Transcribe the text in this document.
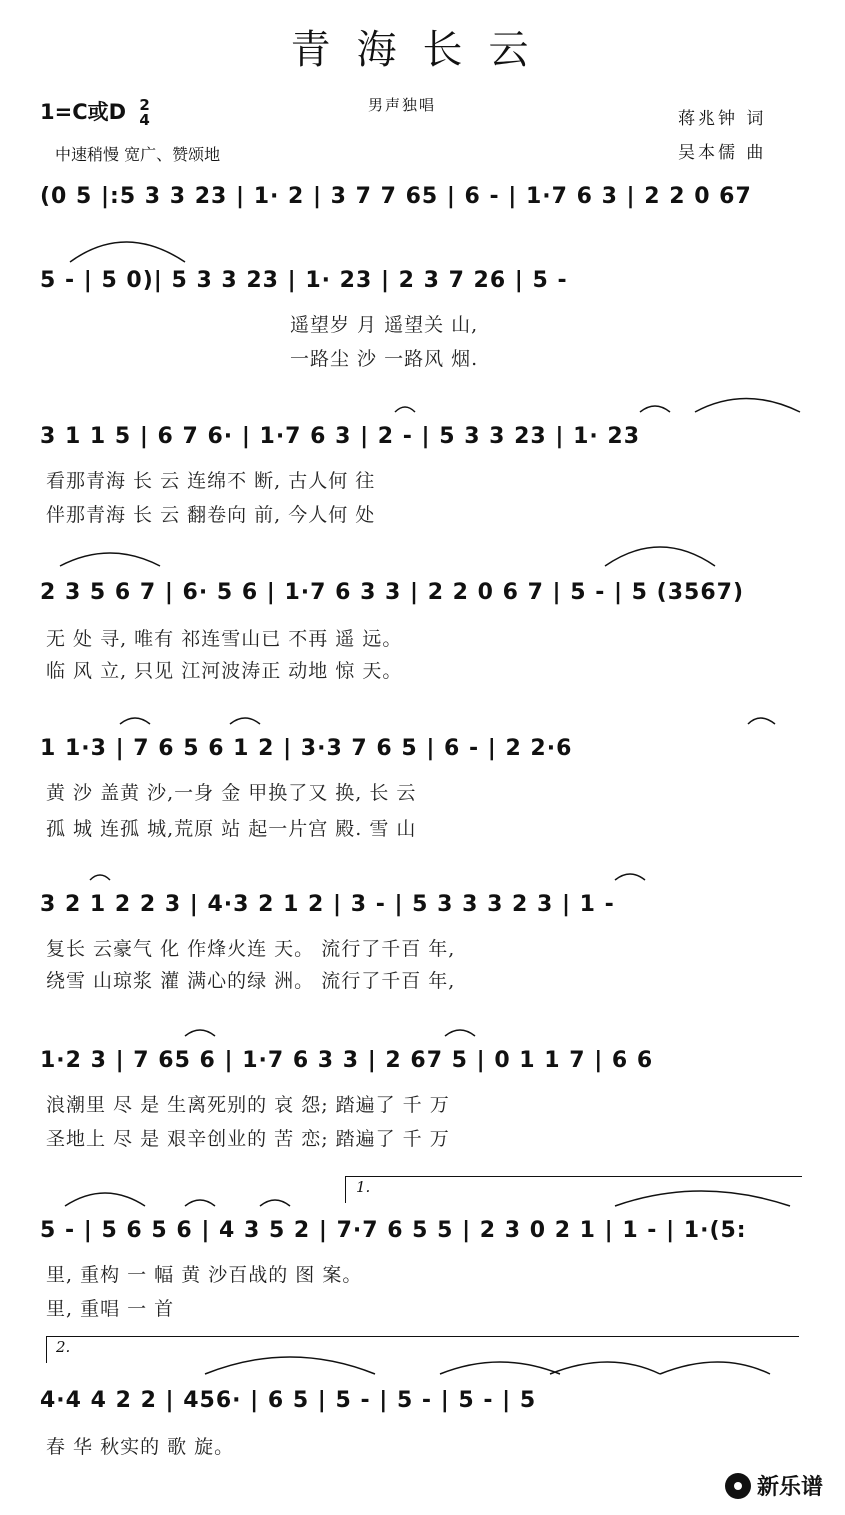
青海长云
1=C或D 2
4
男声独唱
中速稍慢 宽广、赞颂地
蒋兆钟 词
吴本儒 曲
(0 5 |:5 3 3 23 | 1· 2 | 3 7 7 65 | 6 - | 1·7 6 3 | 2 2 0 67
5 - | 5 0)| 5 3 3 23 | 1· 23 | 2 3 7 26 | 5 -
遥望岁 月 遥望关 山,
一路尘 沙 一路风 烟.
3 1 1 5 | 6 7 6· | 1·7 6 3 | 2 - | 5 3 3 23 | 1· 23
看那青海 长 云 连绵不 断, 古人何 往
伴那青海 长 云 翻卷向 前, 今人何 处
2 3 5 6 7 | 6· 5 6 | 1·7 6 3 3 | 2 2 0 6 7 | 5 - | 5 (3567)
无 处 寻, 唯有 祁连雪山已 不再 遥 远。
临 风 立, 只见 江河波涛正 动地 惊 天。
1 1·3 | 7 6 5 6 1 2 | 3·3 7 6 5 | 6 - | 2 2·6
黄 沙 盖黄 沙,一身 金 甲换了又 换, 长 云
孤 城 连孤 城,荒原 站 起一片宫 殿. 雪 山
3 2 1 2 2 3 | 4·3 2 1 2 | 3 - | 5 3 3 3 2 3 | 1 -
复长 云豪气 化 作烽火连 天。 流行了千百 年,
绕雪 山琼浆 灌 满心的绿 洲。 流行了千百 年,
1·2 3 | 7 65 6 | 1·7 6 3 3 | 2 67 5 | 0 1 1 7 | 6 6
浪潮里 尽 是 生离死别的 哀 怨; 踏遍了 千 万
圣地上 尽 是 艰辛创业的 苦 恋; 踏遍了 千 万
1.
5 - | 5 6 5 6 | 4 3 5 2 | 7·7 6 5 5 | 2 3 0 2 1 | 1 - | 1·(5:
里, 重构 一 幅 黄 沙百战的 图 案。
里, 重唱 一 首
2.
4·4 4 2 2 | 456· | 6 5 | 5 - | 5 - | 5 - | 5
春 华 秋实的 歌 旋。
新乐谱
